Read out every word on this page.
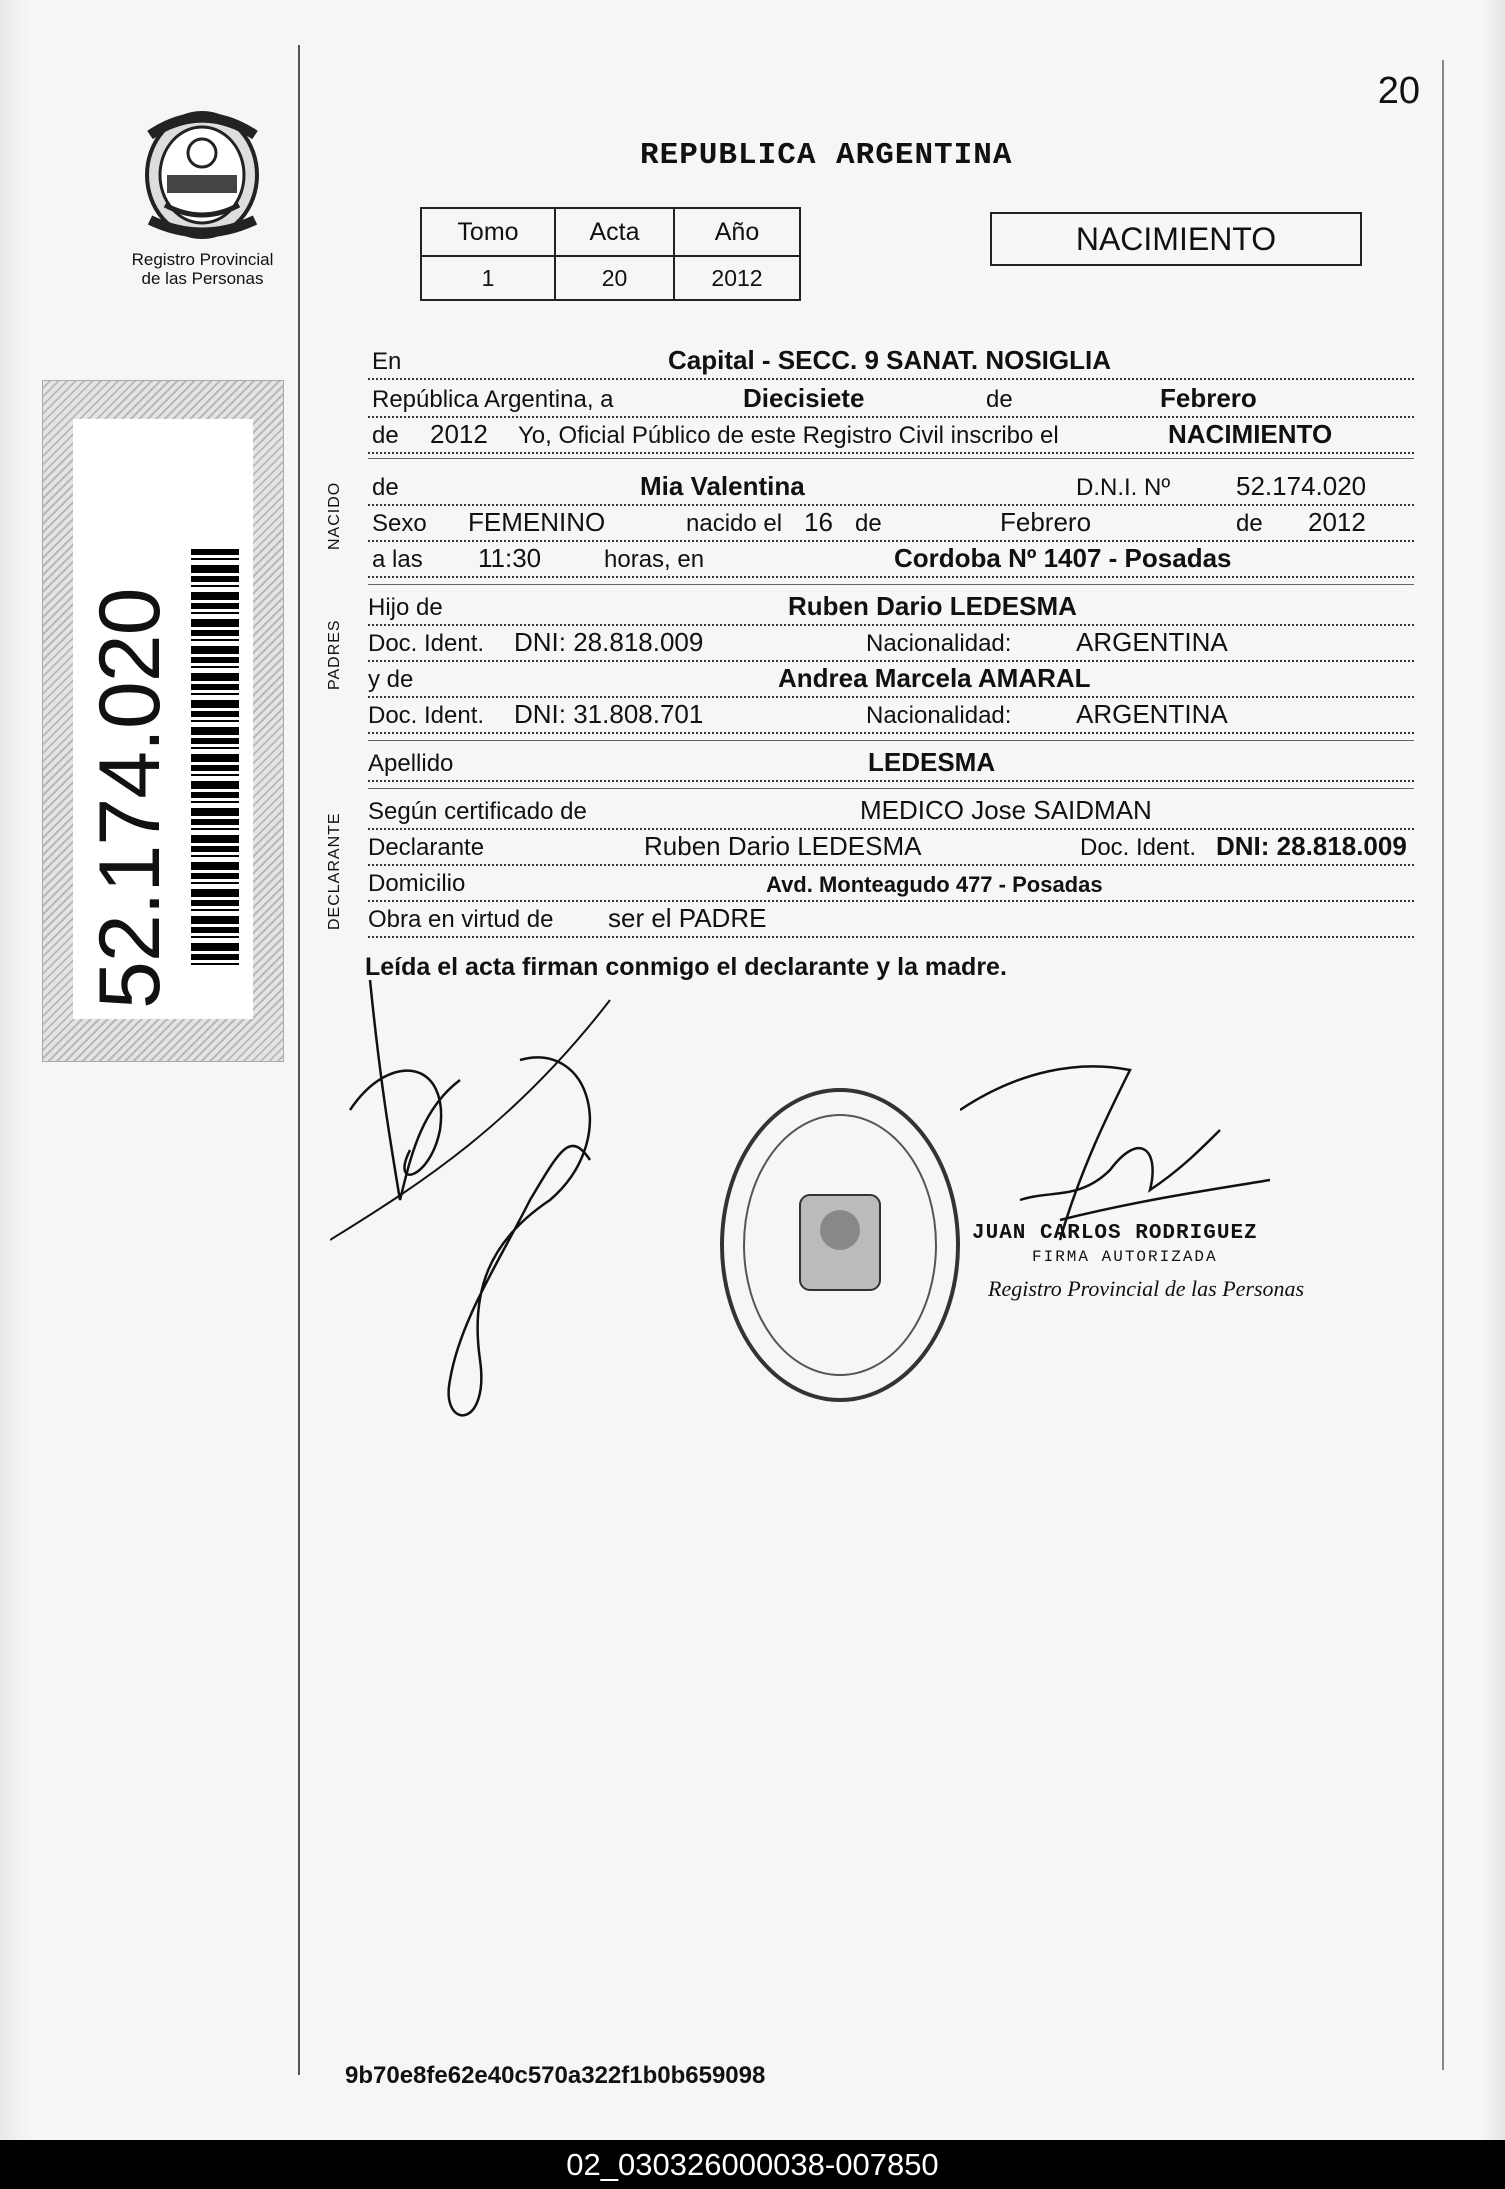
Registro Provincial de las Personas
20
REPUBLICA ARGENTINA
Tomo	Acta	Año
1	20	2012
NACIMIENTO
52.174.020
NACIDO
PADRES
DECLARANTE
En	Capital - SECC. 9 SANAT. NOSIGLIA
República Argentina, a	Diecisiete	de	Febrero
de 2012 Yo, Oficial Público de este Registro Civil inscribo el	NACIMIENTO
de	Mia Valentina	D.N.I. Nº	52.174.020
Sexo FEMENINO	nacido el 16 de	Febrero	de 2012
a las 11:30	horas, en	Cordoba Nº 1407 - Posadas
Hijo de	Ruben Dario LEDESMA
Doc. Ident. DNI: 28.818.009	Nacionalidad: ARGENTINA
y de	Andrea Marcela AMARAL
Doc. Ident. DNI: 31.808.701	Nacionalidad: ARGENTINA
Apellido	LEDESMA
Según certificado de	MEDICO Jose SAIDMAN
Declarante	Ruben Dario LEDESMA	Doc. Ident. DNI: 28.818.009
Domicilio	Avd. Monteagudo 477 - Posadas
Obra en virtud de ser el PADRE
Leída el acta firman conmigo el declarante y la madre.
JUAN CARLOS RODRIGUEZ
FIRMA AUTORIZADA
Registro Provincial de las Personas
9b70e8fe62e40c570a322f1b0b659098
02_030326000038-007850
